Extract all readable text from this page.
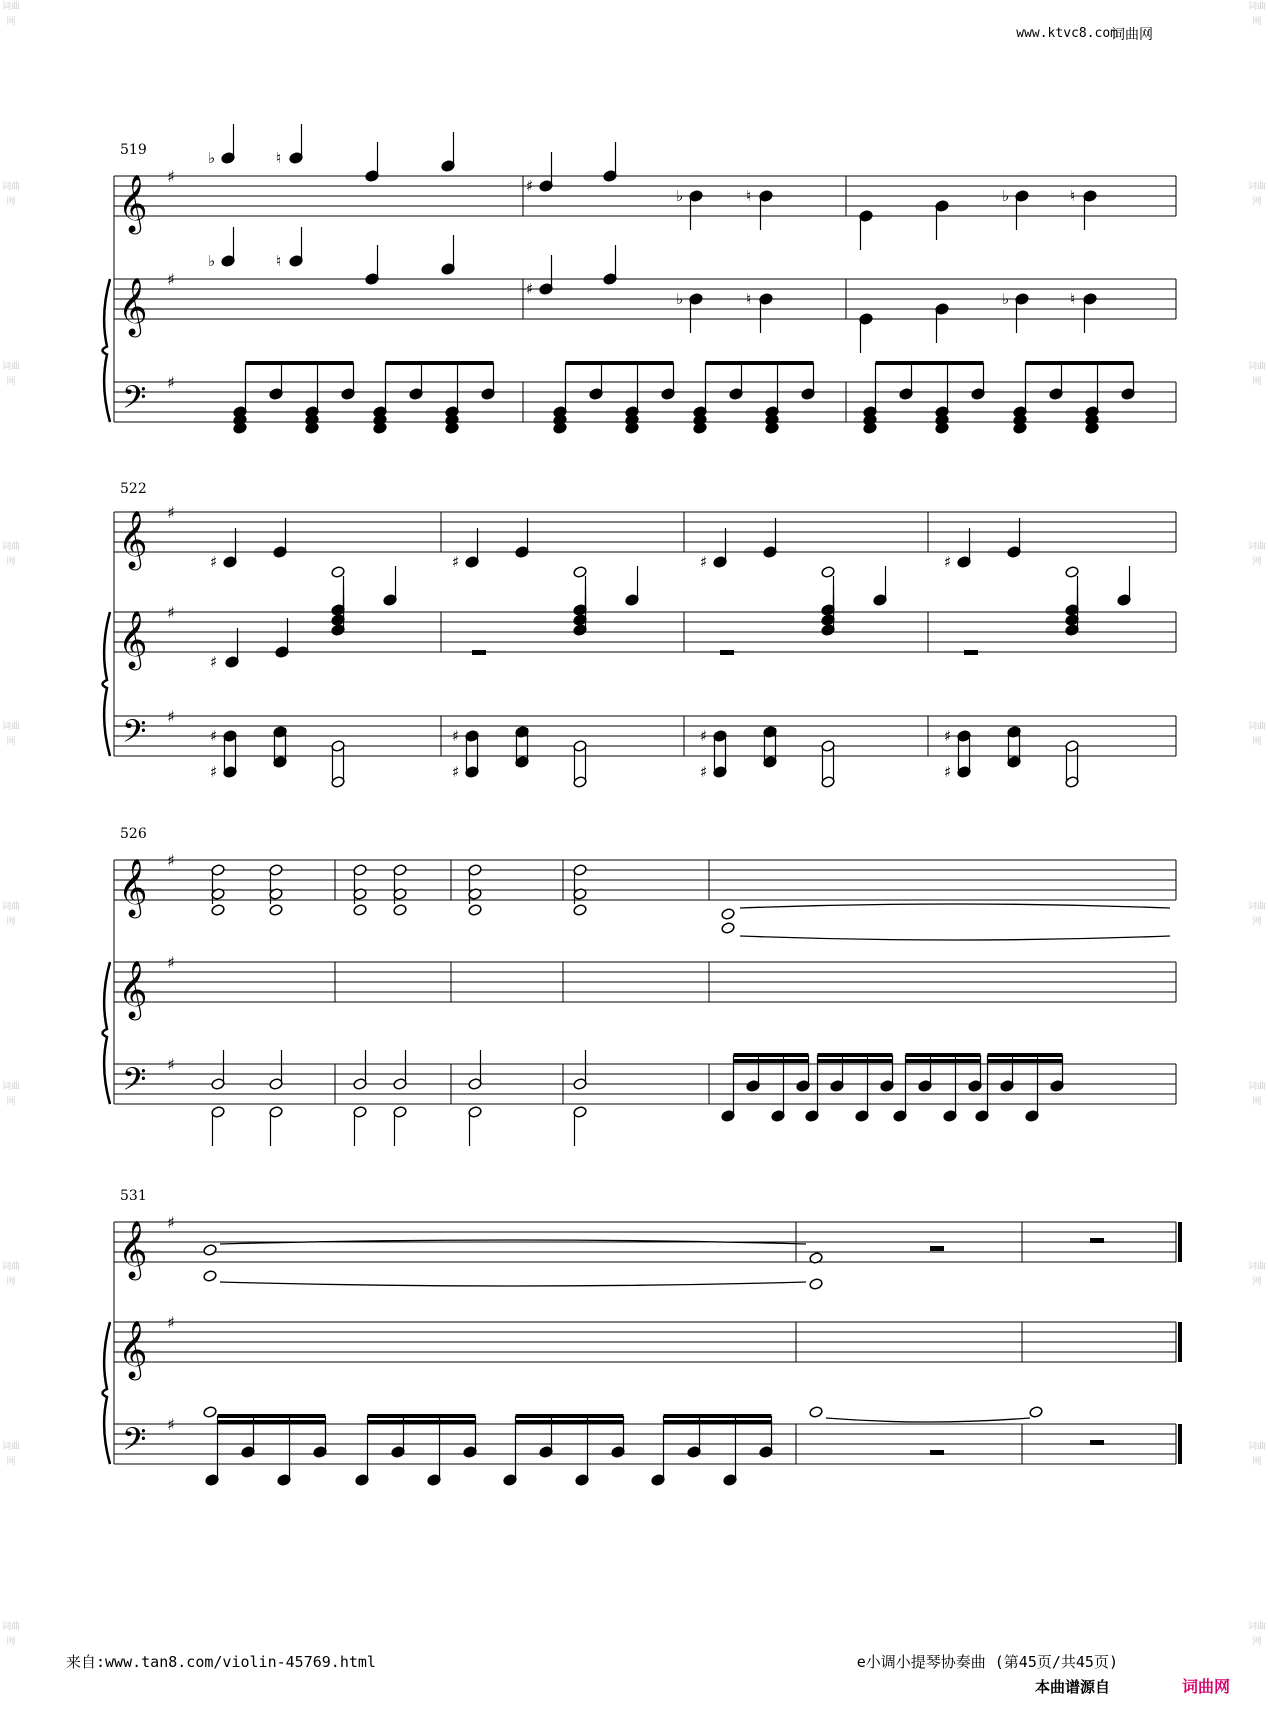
词曲网
词曲网
词曲网
词曲网
词曲网
词曲网
词曲网
词曲网
词曲网
词曲网
词曲网
词曲网
词曲网
词曲网
词曲网
词曲网
词曲网
词曲网
词曲网
词曲网
www.ktvc8.com
词曲网
𝄞 ♯
𝄞 ♯
𝄢 ♯
𝄞 ♯
𝄞 ♯
𝄢 ♯
𝄞 ♯
𝄞 ♯
𝄢 ♯
𝄞 ♯
𝄞 ♯
𝄢 ♯
♭	♮
♯
♭	♮	♭	♮
♭	♮
♯
♭	♮	♭	♮
♯
♯
♯
♯
♯
♯
♯
♯
♯
♯
♯
♯
♯
519
522
526
531
来自:www.tan8.com/violin-45769.html	e小调小提琴协奏曲 (第45页/共45页)
本曲谱源自	词曲网
